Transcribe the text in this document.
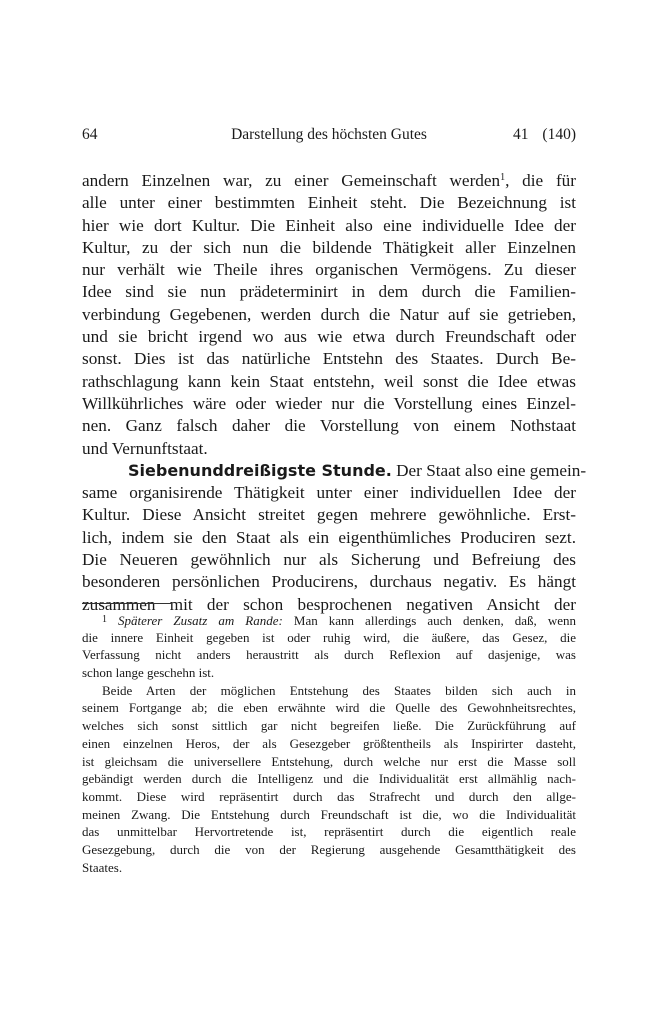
64	Darstellung des höchsten Gutes	41 (140)
andern Einzelnen war, zu einer Gemeinschaft werden$^1$, die für
alle unter einer bestimmten Einheit steht. Die Bezeichnung ist
hier wie dort Kultur. Die Einheit also eine individuelle Idee der
Kultur, zu der sich nun die bildende Thätigkeit aller Einzelnen
nur verhält wie Theile ihres organischen Vermögens. Zu dieser
Idee sind sie nun prädeterminirt in dem durch die Familien-
verbindung Gegebenen, werden durch die Natur auf sie getrieben,
und sie bricht irgend wo aus wie etwa durch Freundschaft oder
sonst. Dies ist das natürliche Entstehn des Staates. Durch Be-
rathschlagung kann kein Staat entstehn, weil sonst die Idee etwas
Willkührliches wäre oder wieder nur die Vorstellung eines Einzel-
nen. Ganz falsch daher die Vorstellung von einem Nothstaat
und Vernunftstaat.
Siebenunddreißigste Stunde. Der Staat also eine gemein-
same organisirende Thätigkeit unter einer individuellen Idee der
Kultur. Diese Ansicht streitet gegen mehrere gewöhnliche. Erst-
lich, indem sie den Staat als ein eigenthümliches Produciren sezt.
Die Neueren gewöhnlich nur als Sicherung und Befreiung des
besonderen persönlichen Producirens, durchaus negativ. Es hängt
zusammen mit der schon besprochenen negativen Ansicht der
$^1$ Späterer Zusatz am Rande: Man kann allerdings auch denken, daß, wenn
die innere Einheit gegeben ist oder ruhig wird, die äußere, das Gesez, die
Verfassung nicht anders heraustritt als durch Reflexion auf dasjenige, was
schon lange geschehn ist.
Beide Arten der möglichen Entstehung des Staates bilden sich auch in
seinem Fortgange ab; die eben erwähnte wird die Quelle des Gewohnheitsrechtes,
welches sich sonst sittlich gar nicht begreifen ließe. Die Zurückführung auf
einen einzelnen Heros, der als Gesezgeber größtentheils als Inspirirter dasteht,
ist gleichsam die universellere Entstehung, durch welche nur erst die Masse soll
gebändigt werden durch die Intelligenz und die Individualität erst allmählig nach-
kommt. Diese wird repräsentirt durch das Strafrecht und durch den allge-
meinen Zwang. Die Entstehung durch Freundschaft ist die, wo die Individualität
das unmittelbar Hervortretende ist, repräsentirt durch die eigentlich reale
Gesezgebung, durch die von der Regierung ausgehende Gesamtthätigkeit des
Staates.
